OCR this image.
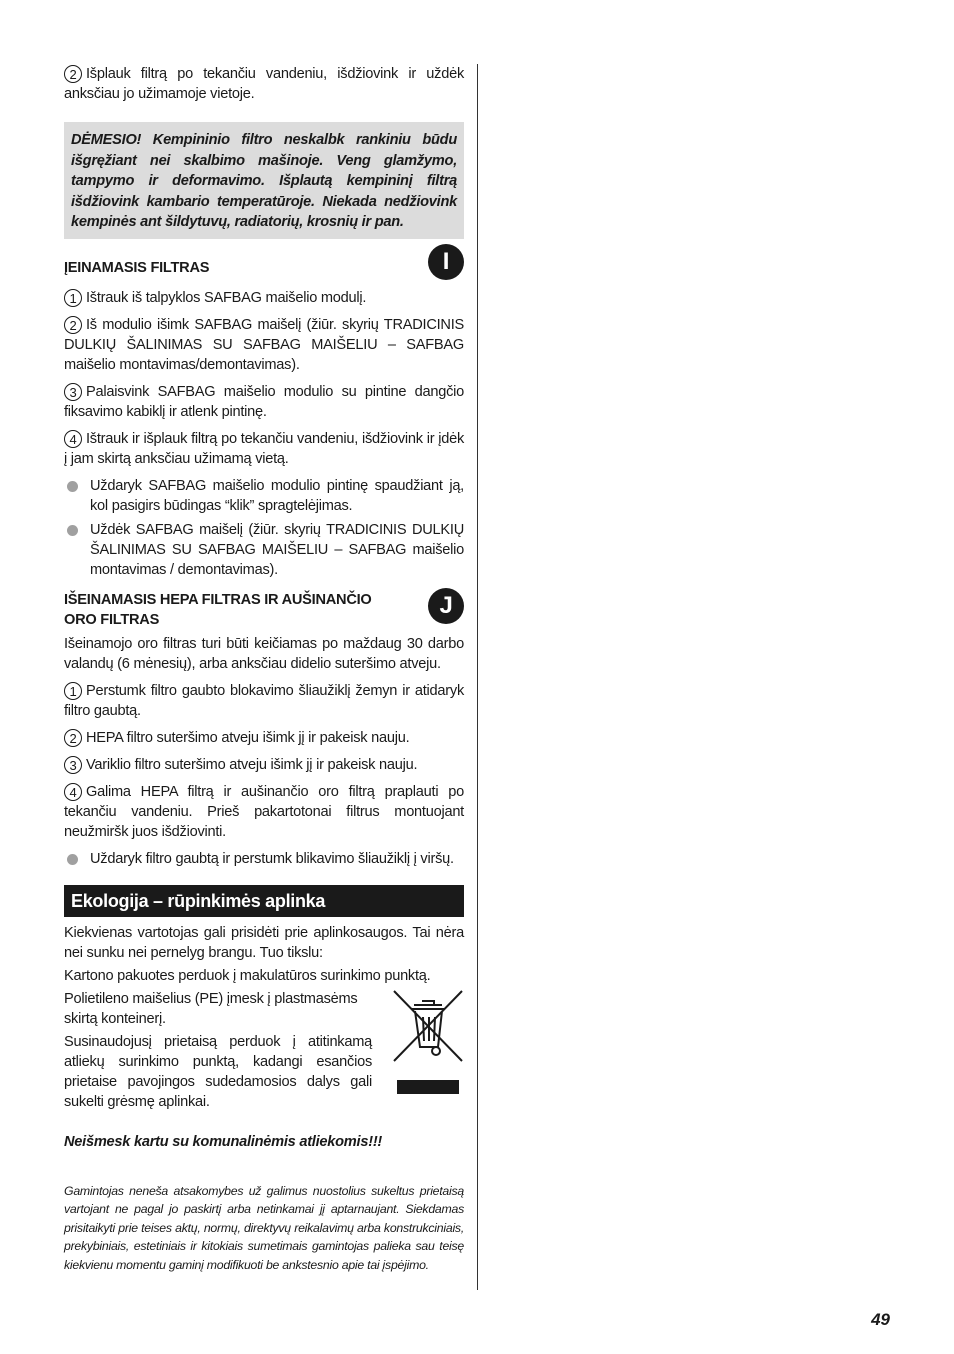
2 Išplauk filtrą po tekančiu vandeniu, išdžiovink ir uždėk anksčiau jo užimamoje vietoje.

DĖMESIO! Kempininio filtro neskalbk rankiniu būdu išgręžiant nei skalbimo mašinoje. Veng glamžymo, tampymo ir deformavimo. Išplautą kempininį filtrą išdžiovink kambario temperatūroje. Niekada nedžiovink kempinės ant šildytuvų, radiatorių, krosnių ir pan.
ĮEINAMASIS FILTRAS	I

1 Ištrauk iš talpyklos SAFBAG maišelio modulį.

2 Iš modulio išimk SAFBAG maišelį (žiūr. skyrių TRADICINIS DULKIŲ ŠALINIMAS SU SAFBAG MAIŠELIU – SAFBAG maišelio montavimas/demontavimas).

3 Palaisvink SAFBAG maišelio modulio su pintine dangčio fiksavimo kabiklį ir atlenk pintinę.

4 Ištrauk ir išplauk filtrą po tekančiu vandeniu, išdžiovink ir įdėk į jam skirtą anksčiau užimamą vietą.

Uždaryk SAFBAG maišelio modulio pintinę spaudžiant ją, kol pasigirs būdingas “klik” spragtelėjimas.

Uždėk SAFBAG maišelį (žiūr. skyrių TRADICINIS DULKIŲ ŠALINIMAS SU SAFBAG MAIŠELIU – SAFBAG maišelio montavimas / demontavimas).

IŠEINAMASIS HEPA FILTRAS IR AUŠINANČIO ORO FILTRAS
J

Išeinamojo oro filtras turi būti keičiamas po maždaug 30 darbo valandų (6 mėnesių), arba anksčiau didelio suteršimo atveju.

1 Perstumk filtro gaubto blokavimo šliaužiklį žemyn ir atidaryk filtro gaubtą.

2 HEPA filtro suteršimo atveju išimk jį ir pakeisk nauju.

3 Variklio filtro suteršimo atveju išimk jį ir pakeisk nauju.

4 Galima HEPA filtrą ir aušinančio oro filtrą praplauti po tekančiu vandeniu. Prieš pakartotonai filtrus montuojant neužmiršk juos išdžiovinti.

Uždaryk filtro gaubtą ir perstumk blikavimo šliaužiklį į viršų.

Ekologija – rūpinkimės aplinka

Kiekvienas vartotojas gali prisidėti prie aplinkosaugos. Tai nėra nei sunku nei pernelyg brangu. Tuo tikslu:

Kartono pakuotes perduok į makulatūros surinkimo punktą.

Polietileno maišelius (PE) įmesk į plastmasėms skirtą konteinerį.

Susinaudojusį prietaisą perduok į atitinkamą atliekų surinkimo punktą, kadangi esančios prietaise pavojingos sudedamosios dalys gali sukelti grėsmę aplinkai.

Neišmesk kartu su komunalinėmis atliekomis!!!

Gamintojas neneša atsakomybes už galimus nuostolius sukeltus prietaisą vartojant ne pagal jo paskirtį arba netinkamai jį aptarnaujant. Siekdamas prisitaikyti prie teises aktų, normų, direktyvų reikalavimų arba konstrukciniais, prekybiniais, estetiniais ir kitokiais sumetimais gamintojas palieka sau teisę kiekvienu momentu gaminį modifikuoti be ankstesnio apie tai įspėjimo.

49
